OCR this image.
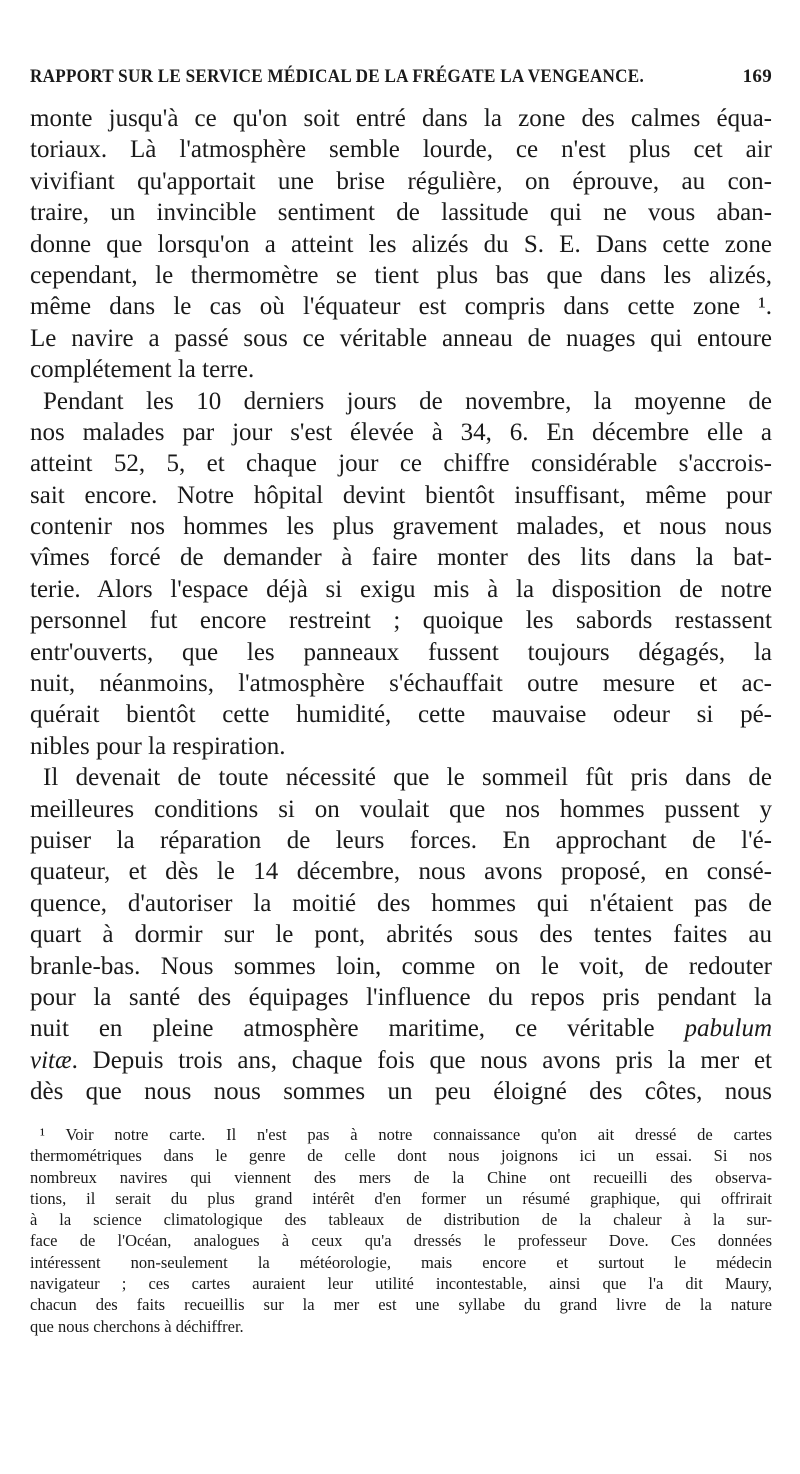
RAPPORT SUR LE SERVICE MÉDICAL DE LA FRÉGATE LA VENGEANCE.	169
monte jusqu'à ce qu'on soit entré dans la zone des calmes équa-
toriaux. Là l'atmosphère semble lourde, ce n'est plus cet air
vivifiant qu'apportait une brise régulière, on éprouve, au con-
traire, un invincible sentiment de lassitude qui ne vous aban-
donne que lorsqu'on a atteint les alizés du S. E. Dans cette zone
cependant, le thermomètre se tient plus bas que dans les alizés,
même dans le cas où l'équateur est compris dans cette zone ¹.
Le navire a passé sous ce véritable anneau de nuages qui entoure
complétement la terre.
Pendant les 10 derniers jours de novembre, la moyenne de
nos malades par jour s'est élevée à 34, 6. En décembre elle a
atteint 52, 5, et chaque jour ce chiffre considérable s'accrois-
sait encore. Notre hôpital devint bientôt insuffisant, même pour
contenir nos hommes les plus gravement malades, et nous nous
vîmes forcé de demander à faire monter des lits dans la bat-
terie. Alors l'espace déjà si exigu mis à la disposition de notre
personnel fut encore restreint ; quoique les sabords restassent
entr'ouverts, que les panneaux fussent toujours dégagés, la
nuit, néanmoins, l'atmosphère s'échauffait outre mesure et ac-
quérait bientôt cette humidité, cette mauvaise odeur si pé-
nibles pour la respiration.
Il devenait de toute nécessité que le sommeil fût pris dans de
meilleures conditions si on voulait que nos hommes pussent y
puiser la réparation de leurs forces. En approchant de l'é-
quateur, et dès le 14 décembre, nous avons proposé, en consé-
quence, d'autoriser la moitié des hommes qui n'étaient pas de
quart à dormir sur le pont, abrités sous des tentes faites au
branle-bas. Nous sommes loin, comme on le voit, de redouter
pour la santé des équipages l'influence du repos pris pendant la
nuit en pleine atmosphère maritime, ce véritable pabulum
vitæ. Depuis trois ans, chaque fois que nous avons pris la mer et
dès que nous nous sommes un peu éloigné des côtes, nous
¹ Voir notre carte. Il n'est pas à notre connaissance qu'on ait dressé de cartes
thermométriques dans le genre de celle dont nous joignons ici un essai. Si nos
nombreux navires qui viennent des mers de la Chine ont recueilli des observa-
tions, il serait du plus grand intérêt d'en former un résumé graphique, qui offrirait
à la science climatologique des tableaux de distribution de la chaleur à la sur-
face de l'Océan, analogues à ceux qu'a dressés le professeur Dove. Ces données
intéressent non-seulement la météorologie, mais encore et surtout le médecin
navigateur ; ces cartes auraient leur utilité incontestable, ainsi que l'a dit Maury,
chacun des faits recueillis sur la mer est une syllabe du grand livre de la nature
que nous cherchons à déchiffrer.
